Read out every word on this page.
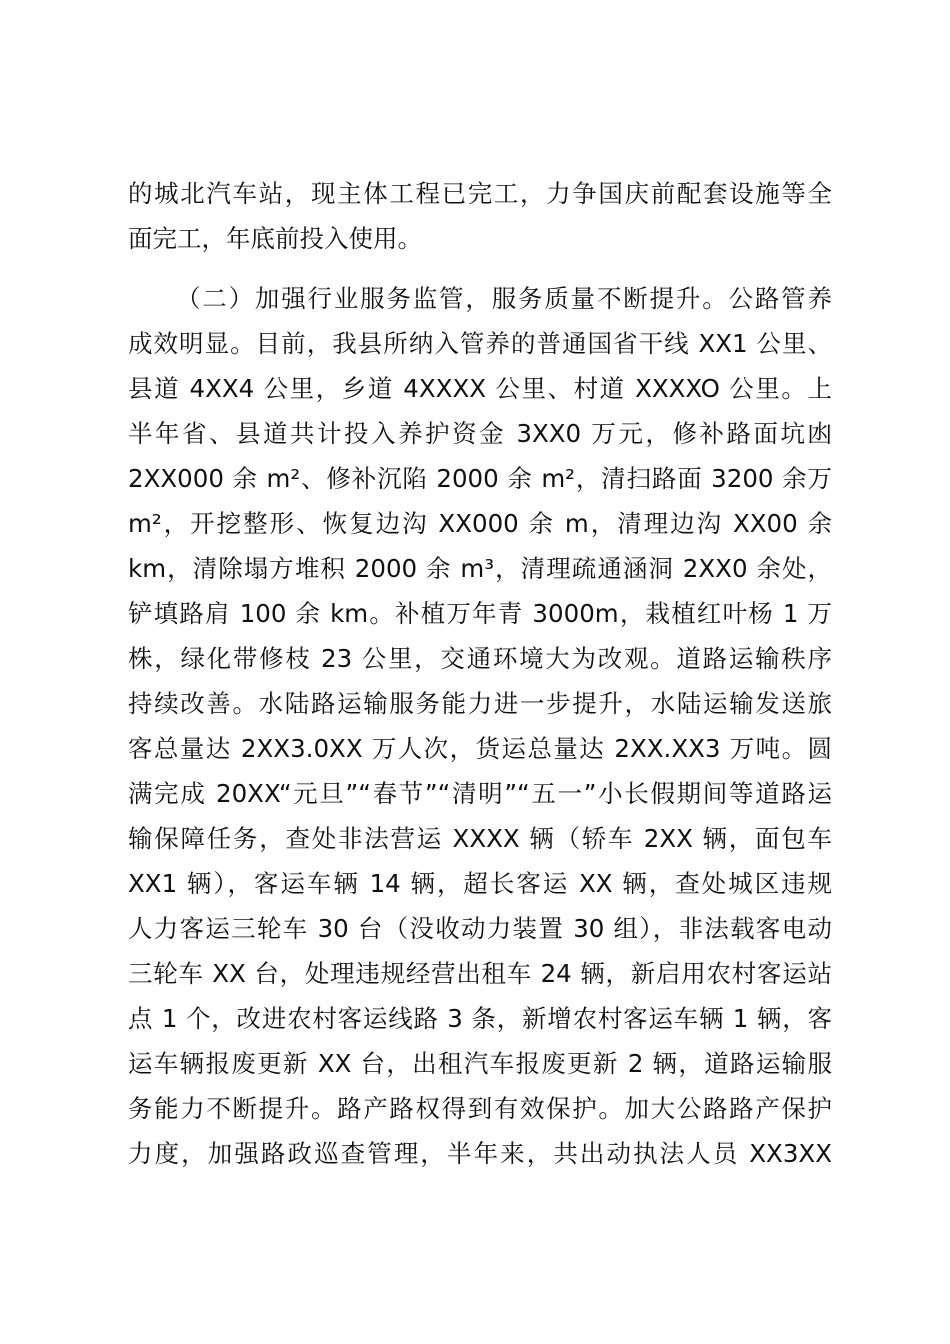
的城北汽车站，现主体工程已完工，力争国庆前配套设施等全
面完工，年底前投入使用。
（二）加强行业服务监管，服务质量不断提升。公路管养
成效明显。目前，我县所纳入管养的普通国省干线 XX1 公里、
县道 4XX4 公里，乡道 4XXXX 公里、村道 XXXXO 公里。上
半年省、县道共计投入养护资金 3XX0 万元，修补路面坑凼
2XX000 余 m²、修补沉陷 2000 余 m²，清扫路面 3200 余万
m²，开挖整形、恢复边沟 XX000 余 m，清理边沟 XX00 余
km，清除塌方堆积 2000 余 m³，清理疏通涵洞 2XX0 余处，
铲填路肩 100 余 km。补植万年青 3000m，栽植红叶杨 1 万
株，绿化带修枝 23 公里，交通环境大为改观。道路运输秩序
持续改善。水陆路运输服务能力进一步提升，水陆运输发送旅
客总量达 2XX3.0XX 万人次，货运总量达 2XX.XX3 万吨。圆
满完成 20XX“元旦”“春节”“清明”“五一”小长假期间等道路运
输保障任务，查处非法营运 XXXX 辆（轿车 2XX 辆，面包车
XX1 辆），客运车辆 14 辆，超长客运 XX 辆，查处城区违规
人力客运三轮车 30 台（没收动力装置 30 组），非法载客电动
三轮车 XX 台，处理违规经营出租车 24 辆，新启用农村客运站
点 1 个，改进农村客运线路 3 条，新增农村客运车辆 1 辆，客
运车辆报废更新 XX 台，出租汽车报废更新 2 辆，道路运输服
务能力不断提升。路产路权得到有效保护。加大公路路产保护
力度，加强路政巡查管理，半年来，共出动执法人员 XX3XX
